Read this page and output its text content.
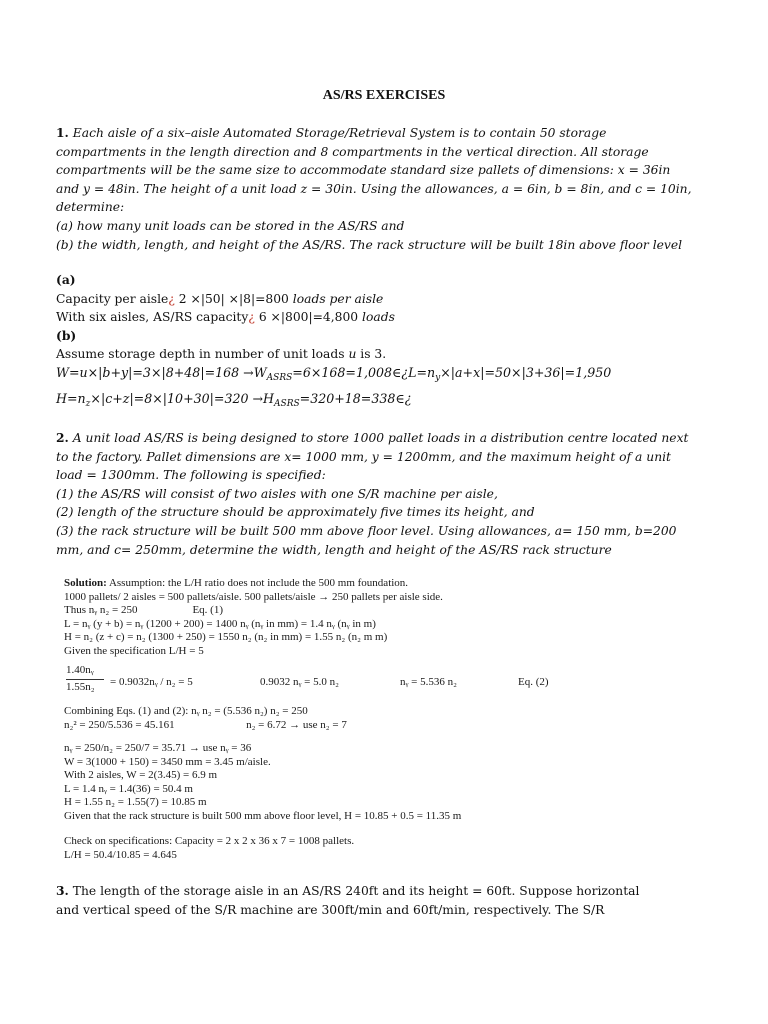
AS/RS EXERCISES
1. Each aisle of a six–aisle Automated Storage/Retrieval System is to contain 50 storage
compartments in the length direction and 8 compartments in the vertical direction. All storage
compartments will be the same size to accommodate standard size pallets of dimensions: x = 36in
and y = 48in. The height of a unit load z = 30in. Using the allowances, a = 6in, b = 8in, and c = 10in,
determine:
(a) how many unit loads can be stored in the AS/RS and
(b) the width, length, and height of the AS/RS. The rack structure will be built 18in above floor level
(a)
Capacity per aisle¿ 2 ×|50| ×|8|=800 loads per aisle
With six aisles, AS/RS capacity¿ 6 ×|800|=4,800 loads
(b)
Assume storage depth in number of unit loads u is 3.
$W=u\times|b+y|=3\times|8+48|=168 \to W_{ASRS}=6\times 168=1,008\in¿L=n_y\times|a+x|=50\times|3+36|=1,950$
$H=n_z\times|c+z|=8\times|10+30|=320$ $\to H_{ASRS}=320+18=338\in¿$
2. A unit load AS/RS is being designed to store 1000 pallet loads in a distribution centre located next
to the factory. Pallet dimensions are x= 1000 mm, y = 1200mm, and the maximum height of a unit
load = 1300mm. The following is specified:
(1) the AS/RS will consist of two aisles with one S/R machine per aisle,
(2) length of the structure should be approximately five times its height, and
(3) the rack structure will be built 500 mm above floor level. Using allowances, a= 150 mm, b=200
mm, and c= 250mm, determine the width, length and height of the AS/RS rack structure
Solution: Assumption: the L/H ratio does not include the 500 mm foundation.
1000 pallets/ 2 aisles = 500 pallets/aisle. 500 pallets/aisle → 250 pallets per aisle side.
Thus nᵧ n₂ = 250                    Eq. (1)
L = nᵧ (y + b) = nᵧ (1200 + 200) = 1400 nᵧ (nᵧ in mm) = 1.4 nᵧ (nᵧ in m)
H = n₂ (z + c) = n₂ (1300 + 250) = 1550 n₂ (n₂ in mm) = 1.55 n₂ (n₂ m m)
Given the specification L/H = 5
1.40nᵧ
1.55n₂	= 0.9032nᵧ / n₂ = 5	0.9032 nᵧ = 5.0 n₂	nᵧ = 5.536 n₂	Eq. (2)
Combining Eqs. (1) and (2): nᵧ n₂ = (5.536 n₂) n₂ = 250
n₂² = 250/5.536 = 45.161                          n₂ = 6.72 → use n₂ = 7
nᵧ = 250/n₂ = 250/7 = 35.71 → use nᵧ = 36
W = 3(1000 + 150) = 3450 mm = 3.45 m/aisle.
With 2 aisles, W = 2(3.45) = 6.9 m
L = 1.4 nᵧ = 1.4(36) = 50.4 m
H = 1.55 n₂ = 1.55(7) = 10.85 m
Given that the rack structure is built 500 mm above floor level, H = 10.85 + 0.5 = 11.35 m
Check on specifications: Capacity = 2 x 2 x 36 x 7 = 1008 pallets.
L/H = 50.4/10.85 = 4.645
3. The length of the storage aisle in an AS/RS 240ft and its height = 60ft. Suppose horizontal
and vertical speed of the S/R machine are 300ft/min and 60ft/min, respectively. The S/R
